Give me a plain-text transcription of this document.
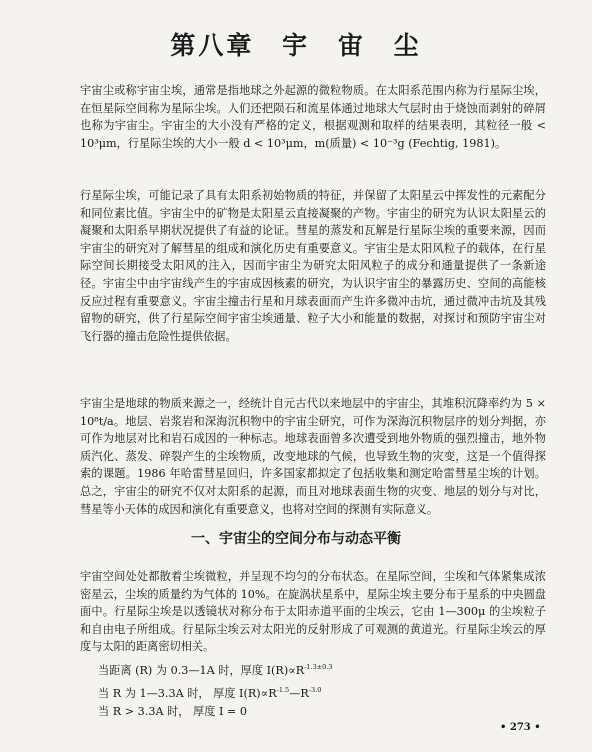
第八章 宇 宙 尘

宇宙尘或称宇宙尘埃，通常是指地球之外起源的微粒物质。在太阳系范围内称为行星际尘埃，在恒星际空间称为星际尘埃。人们还把陨石和流星体通过地球大气层时由于烧蚀而剥射的碎屑也称为宇宙尘。宇宙尘的大小没有严格的定义，根据观测和取样的结果表明，其粒径一般 < 10³μm，行星际尘埃的大小一般 d < 10³μm，m(质量) < 10⁻³g (Fechtig, 1981)。

行星际尘埃，可能记录了具有太阳系初始物质的特征，并保留了太阳星云中挥发性的元素配分和同位素比值。宇宙尘中的矿物是太阳星云直接凝聚的产物。宇宙尘的研究为认识太阳星云的凝聚和太阳系早期状况提供了有益的论证。彗星的蒸发和瓦解是行星际尘埃的重要来源，因而宇宙尘的研究对了解彗星的组成和演化历史有重要意义。宇宙尘是太阳风粒子的载体，在行星际空间长期接受太阳风的注入，因而宇宙尘为研究太阳风粒子的成分和通量提供了一条新途径。宇宙尘中由宇宙线产生的宇宙成因核素的研究，为认识宇宙尘的暴露历史、空间的高能核反应过程有重要意义。宇宙尘撞击行星和月球表面而产生许多微冲击坑，通过微冲击坑及其残留物的研究，供了行星际空间宇宙尘埃通量、粒子大小和能量的数据，对探讨和预防宇宙尘对飞行器的撞击危险性提供依据。

宇宙尘是地球的物质来源之一，经统计自元古代以来地层中的宇宙尘，其堆积沉降率约为 5 × 10⁸t/a。地层、岩浆岩和深海沉积物中的宇宙尘研究，可作为深海沉积物层序的划分判据，亦可作为地层对比和岩石成因的一种标志。地球表面曾多次遭受到地外物质的强烈撞击，地外物质汽化、蒸发、碎裂产生的尘埃物质，改变地球的气候，也导致生物的灾变，这是一个值得探索的课题。1986 年哈雷彗星回归，许多国家都拟定了包括收集和测定哈雷彗星尘埃的计划。总之，宇宙尘的研究不仅对太阳系的起源，而且对地球表面生物的灾变、地层的划分与对比，彗星等小天体的成因和演化有重要意义，也将对空间的探测有实际意义。

一、宇宙尘的空间分布与动态平衡

宇宙空间处处都散着尘埃微粒，并呈现不均匀的分布状态。在星际空间，尘埃和气体紧集成浓密星云，尘埃的质量约为气体的 10%。在旋涡状星系中，星际尘埃主要分布于星系的中央圆盘面中。行星际尘埃是以透镜状对称分布于太阳赤道平面的尘埃云，它由 1—300μ 的尘埃粒子和自由电子所组成。行星际尘埃云对太阳光的反射形成了可观测的黄道光。行星际尘埃云的厚度与太阳的距离密切相关。

当距离 (R) 为 0.3—1A 时，厚度 $I(R)\propto R^{-1.3\pm 0.3}$
当 R 为 1—3.3A 时， 厚度 $I(R)\propto R^{-1.5}—R^{-3.0}$
当 R > 3.3A 时， 厚度 I = 0
• 273 •
